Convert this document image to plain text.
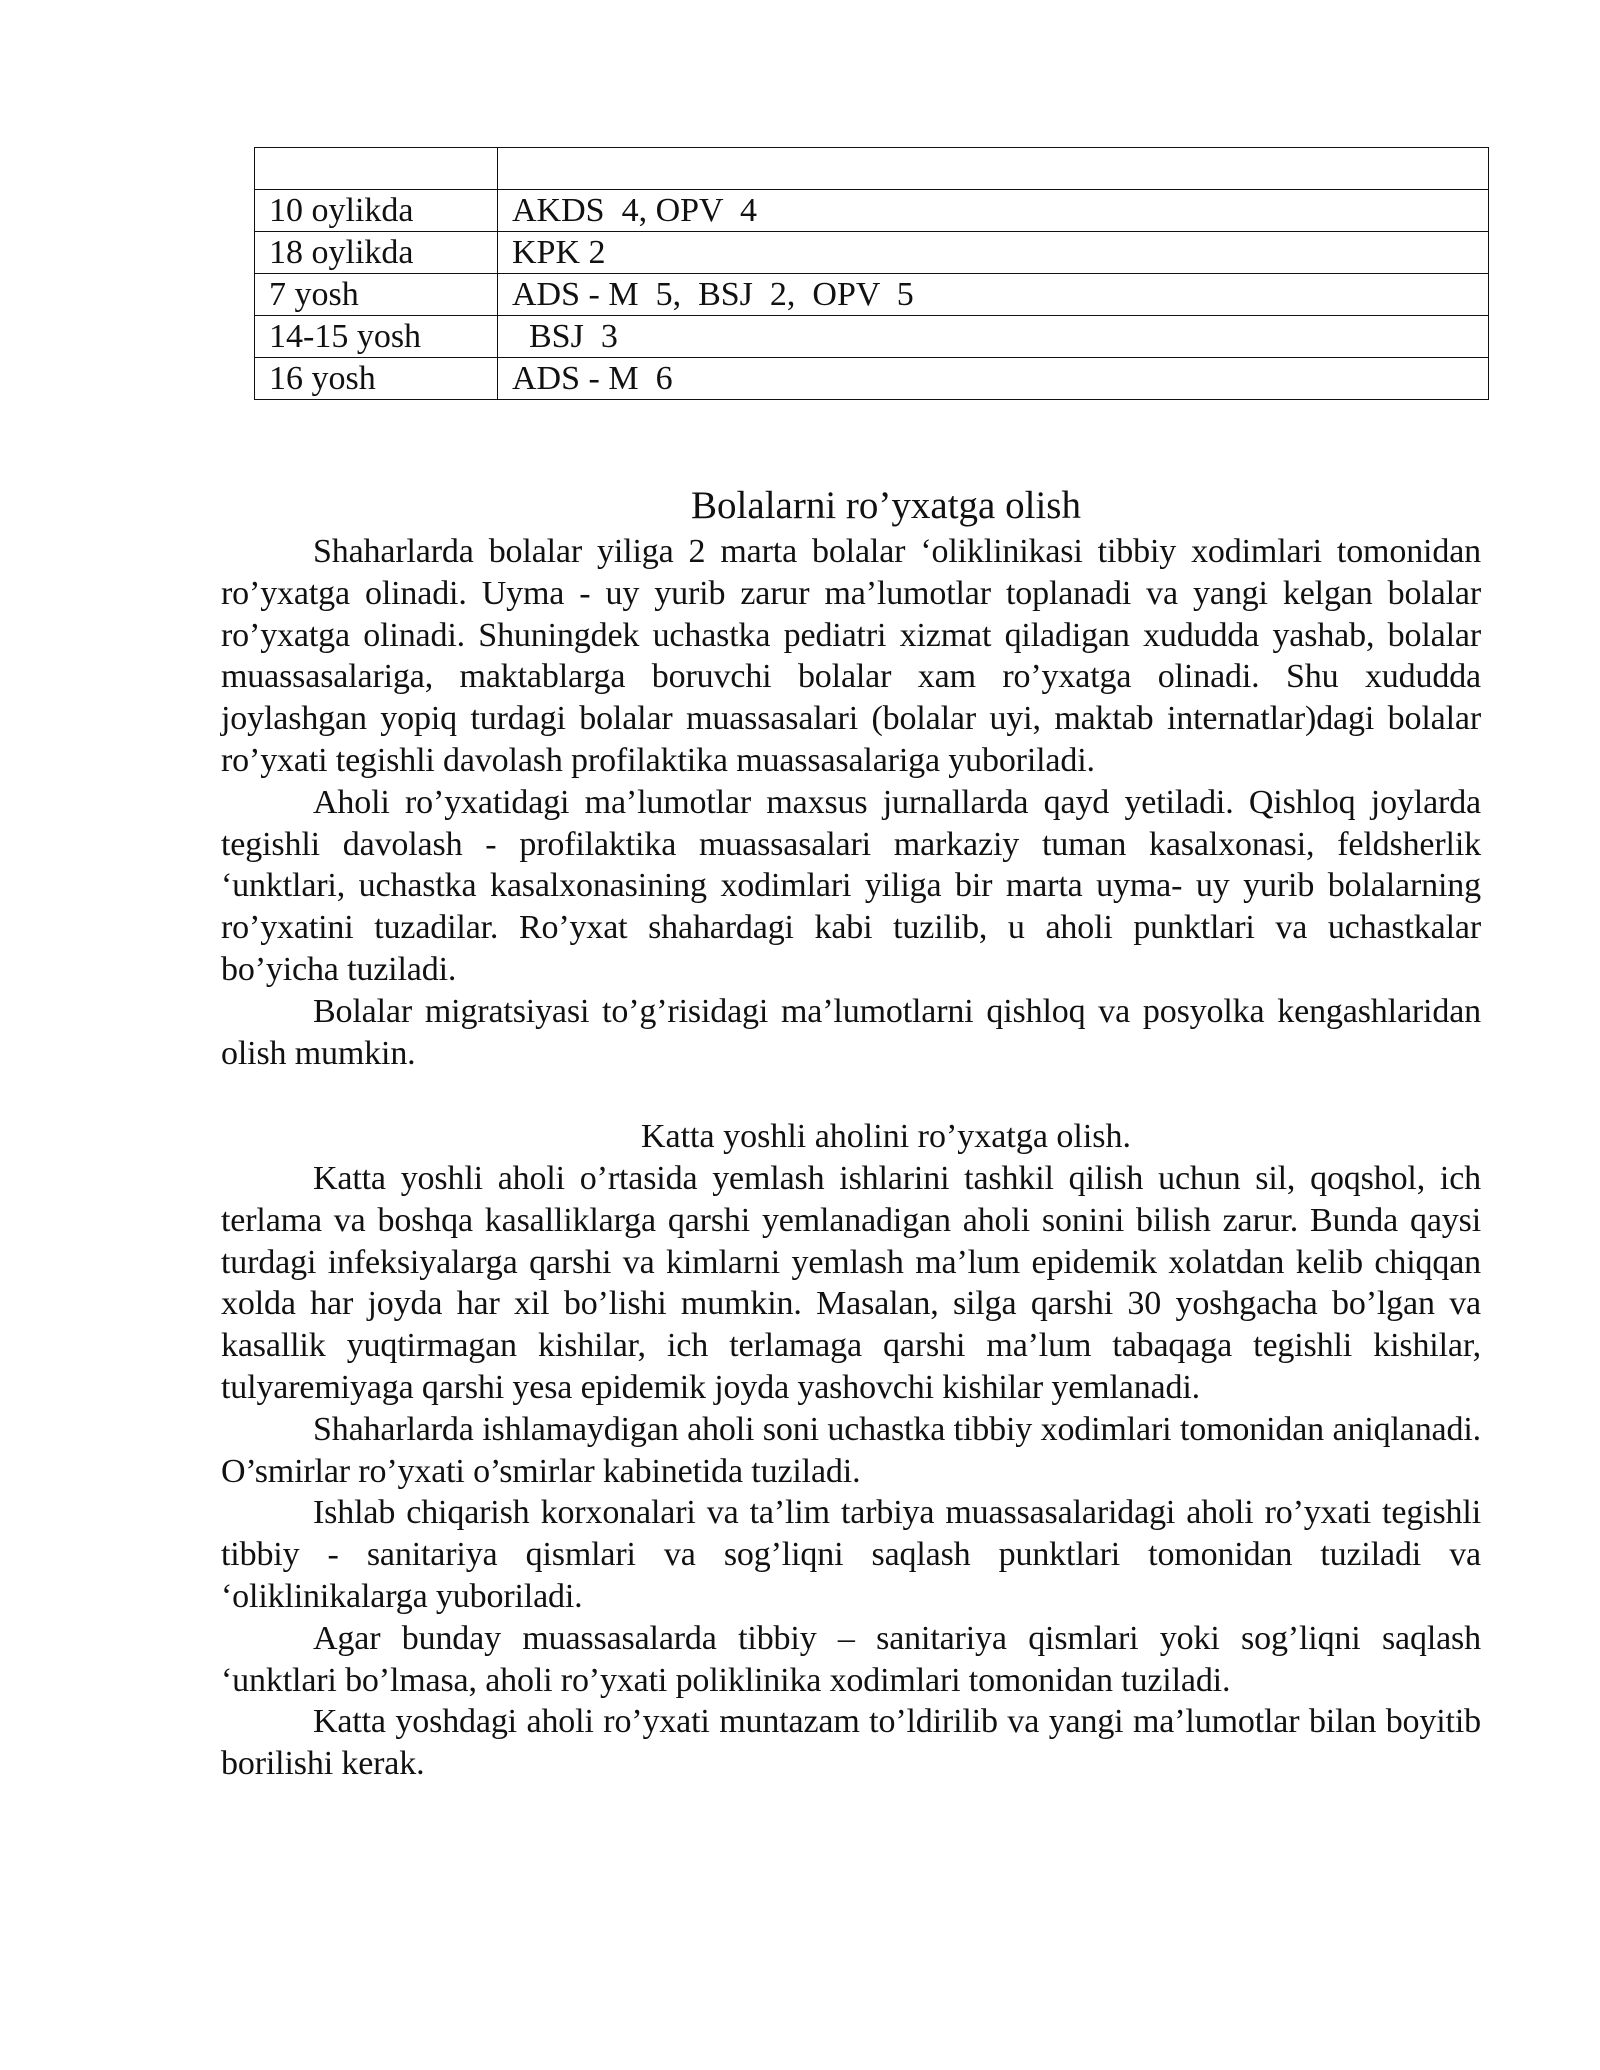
10 oylikda	AKDS  4, OPV  4
18 oylikda	KPK 2
7 yosh	ADS - M  5,  BSJ  2,  OPV  5
14-15 yosh	BSJ  3
16 yosh	ADS - M  6
Bolalarni ro’yxatga olish

Shaharlarda bolalar yiliga 2 marta bolalar ‘oliklinikasi tibbiy xodimlari tomonidan ro’yxatga olinadi. Uyma - uy yurib zarur ma’lumotlar toplanadi va yangi kelgan bolalar ro’yxatga olinadi. Shuningdek uchastka pediatri xizmat qiladigan xududda yashab, bolalar muassasalariga, maktablarga boruvchi bolalar xam ro’yxatga olinadi. Shu xududda joylashgan yopiq turdagi bolalar muassasalari (bolalar uyi, maktab internatlar)dagi bolalar ro’yxati tegishli davolash profilaktika muassasalariga yuboriladi.

Aholi ro’yxatidagi ma’lumotlar maxsus jurnallarda qayd yetiladi. Qishloq joylarda tegishli davolash - profilaktika muassasalari markaziy tuman kasalxonasi, feldsherlik ‘unktlari, uchastka kasalxonasining xodimlari yiliga bir marta uyma- uy yurib bolalarning ro’yxatini tuzadilar. Ro’yxat shahardagi kabi tuzilib, u aholi punktlari va uchastkalar bo’yicha tuziladi.

Bolalar migratsiyasi to’g’risidagi ma’lumotlarni qishloq va posyolka kengashlaridan olish mumkin.

Katta yoshli aholini ro’yxatga olish.

Katta yoshli aholi o’rtasida yemlash ishlarini tashkil qilish uchun sil, qoqshol, ich terlama va boshqa kasalliklarga qarshi yemlanadigan aholi sonini bilish zarur. Bunda qaysi turdagi infeksiyalarga qarshi va kimlarni yemlash ma’lum epidemik xolatdan kelib chiqqan xolda har joyda har xil bo’lishi mumkin. Masalan, silga qarshi 30 yoshgacha bo’lgan va kasallik yuqtirmagan kishilar, ich terlamaga qarshi ma’lum tabaqaga tegishli kishilar, tulyaremiyaga qarshi yesa epidemik joyda yashovchi kishilar yemlanadi.

Shaharlarda ishlamaydigan aholi soni uchastka tibbiy xodimlari tomonidan aniqlanadi. O’smirlar ro’yxati o’smirlar kabinetida tuziladi.

Ishlab chiqarish korxonalari va ta’lim tarbiya muassasalaridagi aholi ro’yxati tegishli tibbiy - sanitariya qismlari va sog’liqni saqlash punktlari tomonidan tuziladi va ‘oliklinikalarga yuboriladi.

Agar bunday muassasalarda tibbiy – sanitariya qismlari yoki sog’liqni saqlash ‘unktlari bo’lmasa, aholi ro’yxati poliklinika xodimlari tomonidan tuziladi.

Katta yoshdagi aholi ro’yxati muntazam to’ldirilib va yangi ma’lumotlar bilan boyitib borilishi kerak.
